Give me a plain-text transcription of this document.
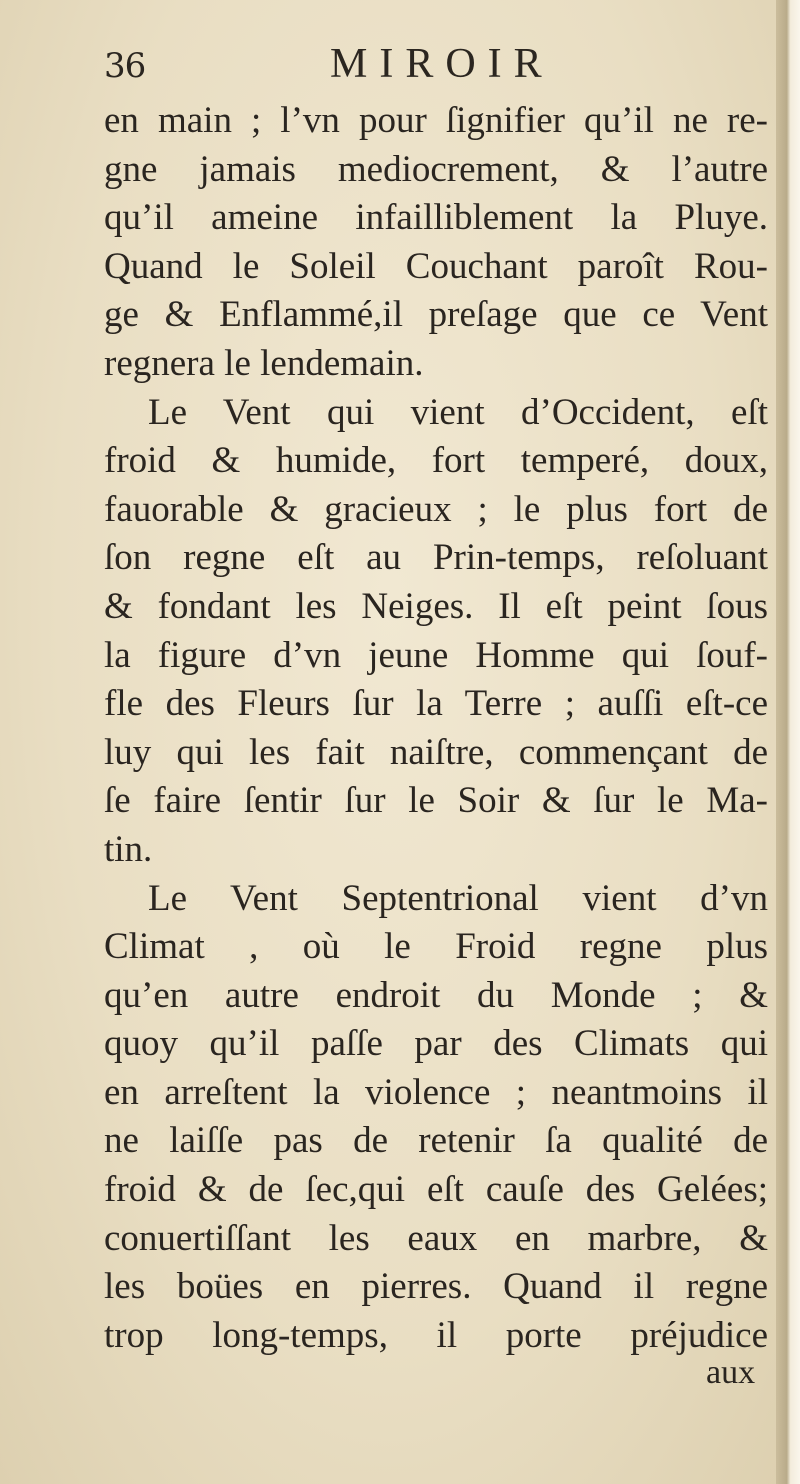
36	MIROIR
en main ; l’vn pour ſignifier qu’il ne re-
gne jamais mediocrement, & l’autre
qu’il ameine infailliblement la Pluye.
Quand le Soleil Couchant paroît Rou-
ge & Enflammé,il preſage que ce Vent
regnera le lendemain.
Le Vent qui vient d’Occident, eſt
froid & humide, fort temperé, doux,
fauorable & gracieux ; le plus fort de
ſon regne eſt au Prin-temps, reſoluant
& fondant les Neiges. Il eſt peint ſous
la figure d’vn jeune Homme qui ſouf-
fle des Fleurs ſur la Terre ; auſſi eſt-ce
luy qui les fait naiſtre, commençant de
ſe faire ſentir ſur le Soir & ſur le Ma-
tin.
Le Vent Septentrional vient d’vn
Climat , où le Froid regne plus
qu’en autre endroit du Monde ; &
quoy qu’il paſſe par des Climats qui
en arreſtent la violence ; neantmoins il
ne laiſſe pas de retenir ſa qualité de
froid & de ſec,qui eſt cauſe des Gelées;
conuertiſſant les eaux en marbre, &
les boües en pierres. Quand il regne
trop long-temps, il porte préjudice
aux
